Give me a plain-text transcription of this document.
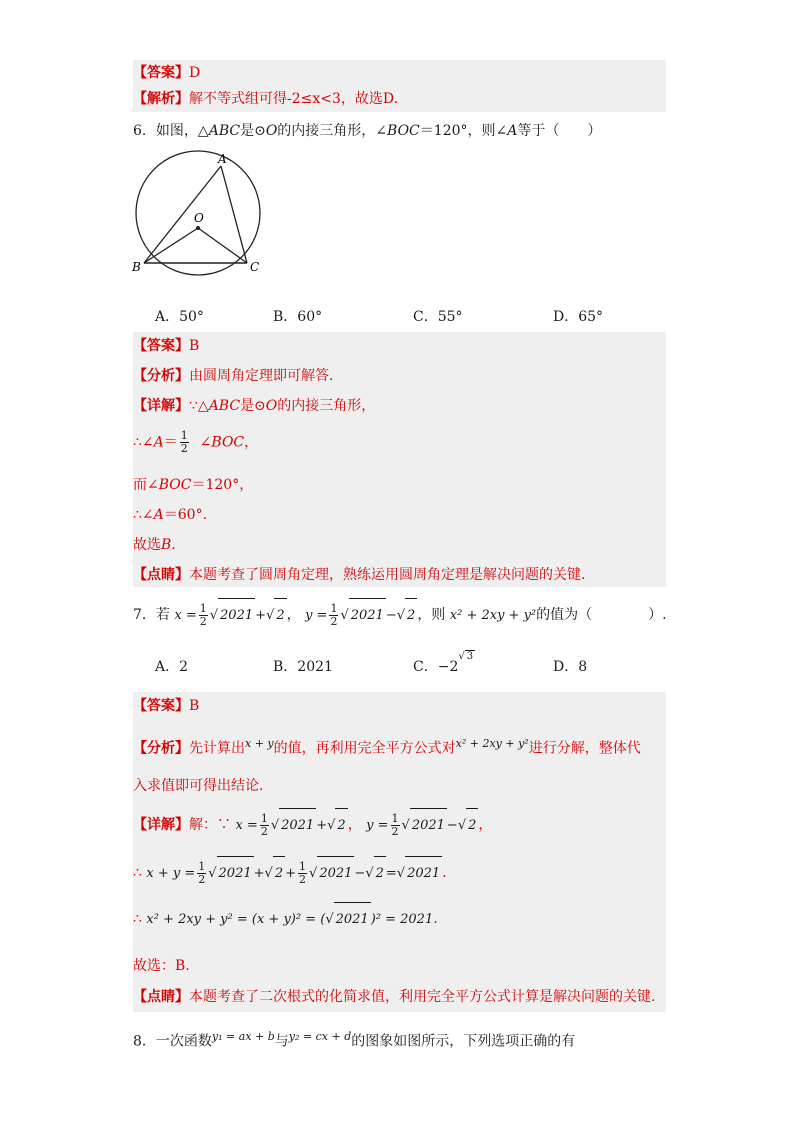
【答案】D
【解析】解不等式组可得-2≤x<3，故选D.
6．如图，△ABC是⊙O的内接三角形，∠BOC＝120°，则∠A等于（　　）
A
O
B	C
A．50°	B．60°	C．55°	D．65°
【答案】B
【分析】由圆周角定理即可解答.
【详解】∵△ABC是⊙O的内接三角形，
∴∠A＝ $\frac{1}{2}$ ∠BOC，
而∠BOC＝120°，
∴∠A＝60°.
故选B.
【点睛】本题考查了圆周角定理，熟练运用圆周角定理是解决问题的关键.
7．若 $x = \frac{1}{2}$ √ 2021 +√ 2 ， $y = \frac{1}{2}$ √ 2021 −√ 2 ，则 x² + 2xy + y²的值为（　　　　）.
A．2	B．2021	C．$-2^{√ 3}$
D．8
【答案】B
【分析】先计算出$^{x + y}$的值，再利用完全平方公式对$^{x^2 + 2xy + y^2}$进行分解，整体代
入求值即可得出结论.
【详解】解：∵ $x = \frac{1}{2}$ √ 2021 +√ 2 ， $y = \frac{1}{2}$ √ 2021 −√ 2 ，
∴ $x + y = \frac{1}{2}$ √ 2021 +√ $2 + \frac{1}{2}$ √ 2021 −√ 2 =√ 2021 .
∴ x² + 2xy + y² = (x + y)² = (√ 2021 )² = 2021.
故选：B.
【点睛】本题考查了二次根式的化简求值，利用完全平方公式计算是解决问题的关键.
8．一次函数$^{y_1 = ax + b}$与$^{y_2 = cx + d}$的图象如图所示，下列选项正确的有
